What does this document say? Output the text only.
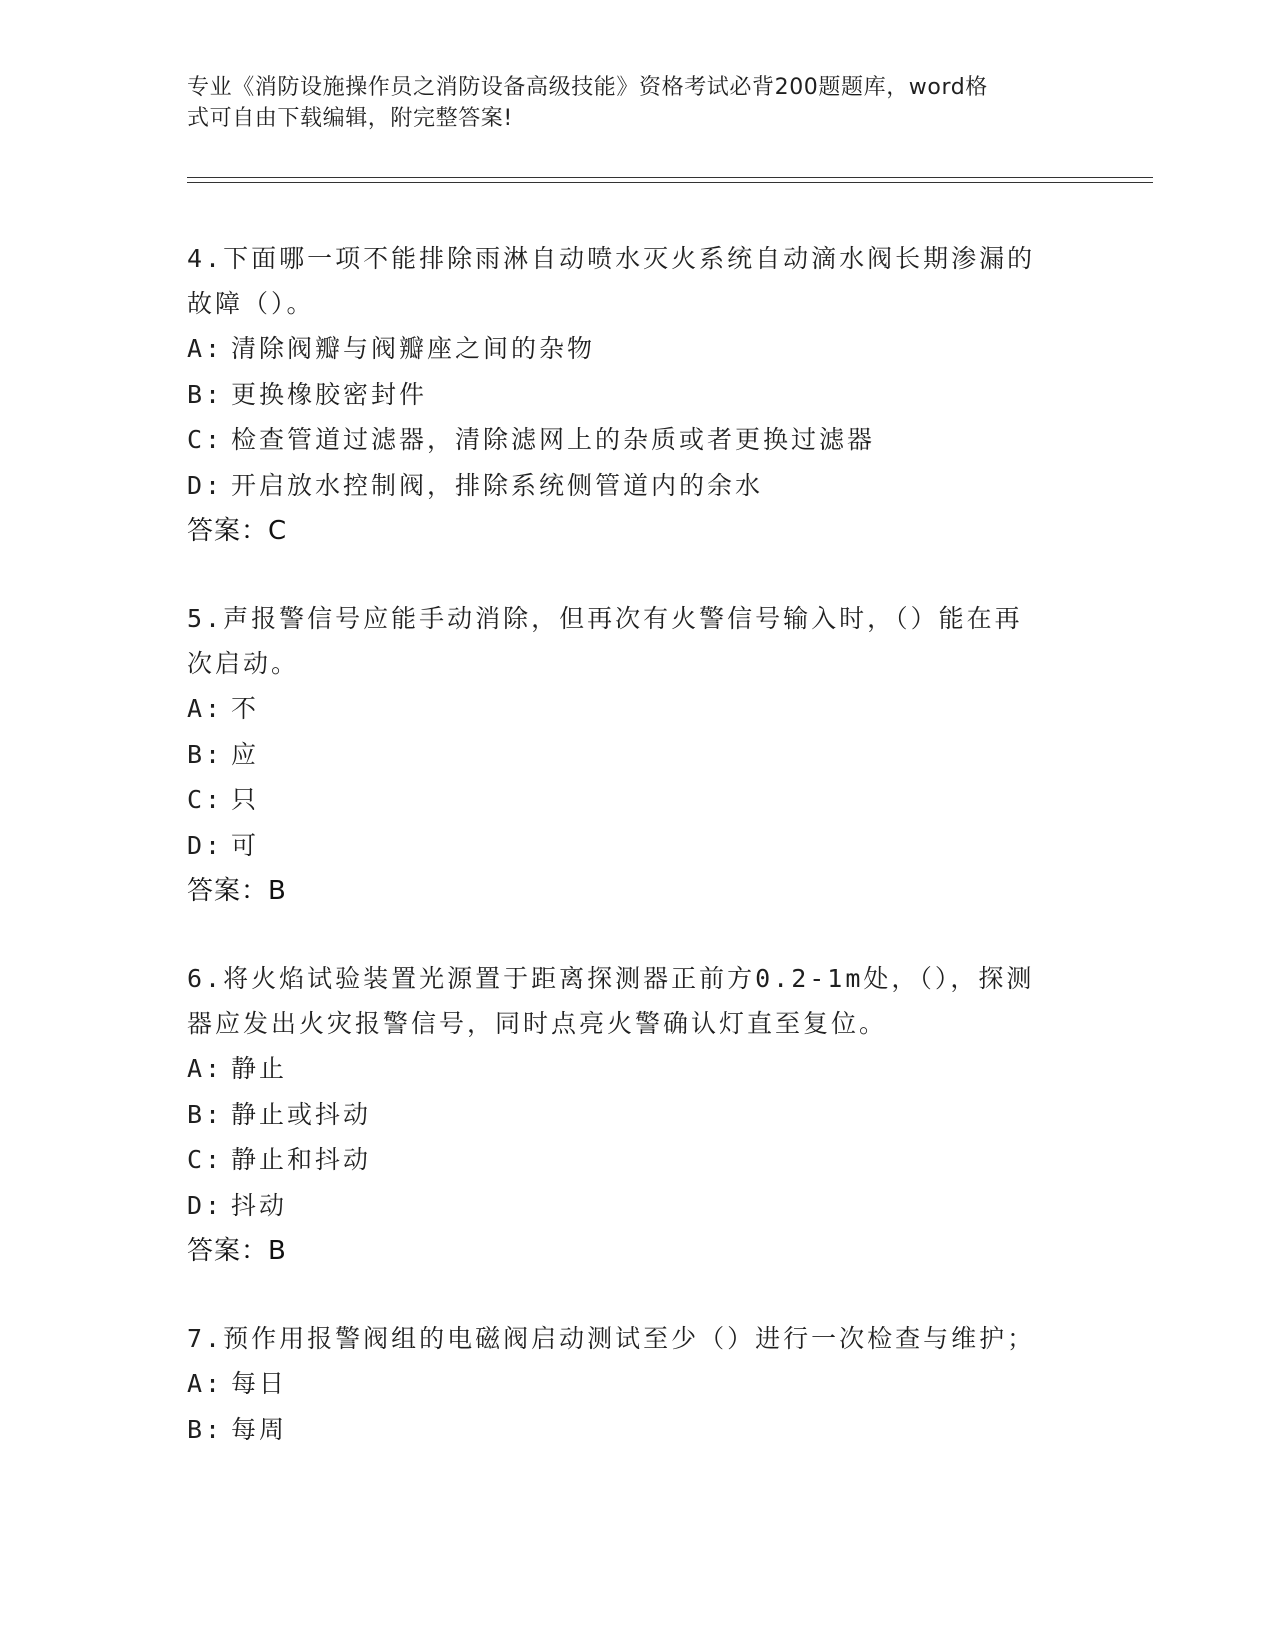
专业《消防设施操作员之消防设备高级技能》资格考试必背200题题库，word格
式可自由下载编辑，附完整答案!
4.下面哪一项不能排除雨淋自动喷水灭火系统自动滴水阀长期渗漏的
故障（）。
A: 清除阀瓣与阀瓣座之间的杂物
B: 更换橡胶密封件
C: 检查管道过滤器，清除滤网上的杂质或者更换过滤器
D: 开启放水控制阀，排除系统侧管道内的余水
答案：C
5.声报警信号应能手动消除，但再次有火警信号输入时，（）能在再
次启动。
A: 不
B: 应
C: 只
D: 可
答案：B
6.将火焰试验装置光源置于距离探测器正前方0.2-1m处，（），探测
器应发出火灾报警信号，同时点亮火警确认灯直至复位。
A: 静止
B: 静止或抖动
C: 静止和抖动
D: 抖动
答案：B
7.预作用报警阀组的电磁阀启动测试至少（）进行一次检查与维护；
A: 每日
B: 每周
